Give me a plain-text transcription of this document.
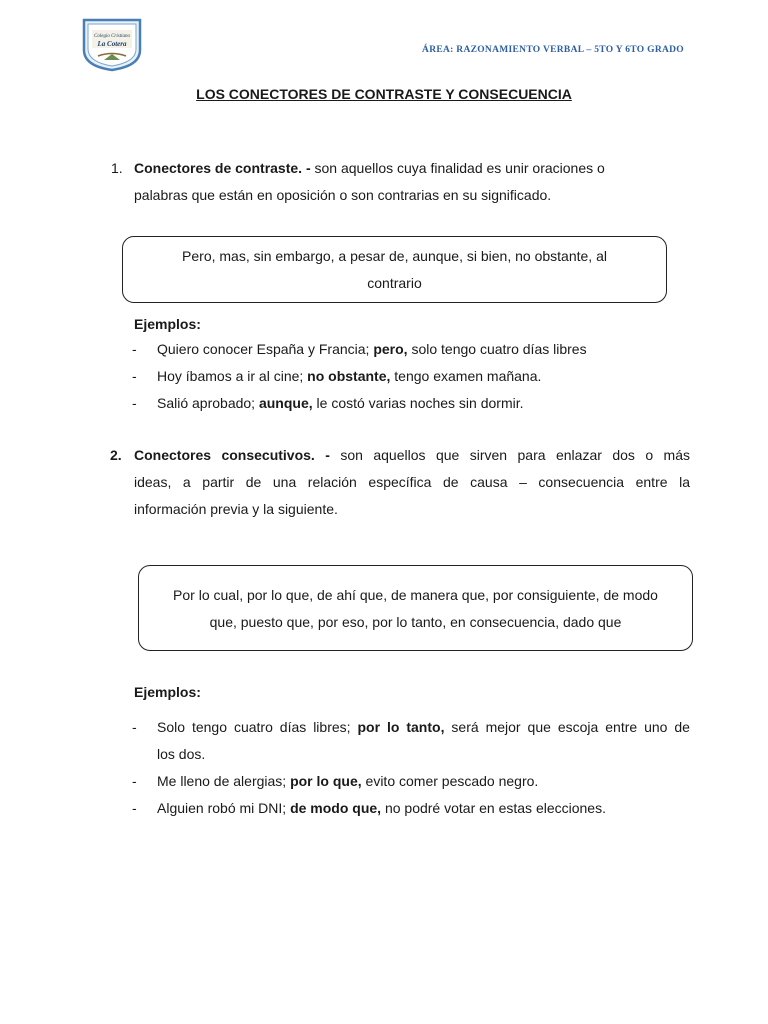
Colegio Cristiano
La Cotera
ÁREA: RAZONAMIENTO VERBAL – 5TO Y 6TO GRADO
LOS CONECTORES DE CONTRASTE Y CONSECUENCIA
1. Conectores de contraste. - son aquellos cuya finalidad es unir oraciones o
palabras que están en oposición o son contrarias en su significado.
Pero, mas, sin embargo, a pesar de, aunque, si bien, no obstante, al
contrario
Ejemplos:
- Quiero conocer España y Francia; pero, solo tengo cuatro días libres
- Hoy íbamos a ir al cine; no obstante, tengo examen mañana.
- Salió aprobado; aunque, le costó varias noches sin dormir.
2. Conectores consecutivos. - son aquellos que sirven para enlazar dos o más
ideas, a partir de una relación específica de causa – consecuencia entre la
información previa y la siguiente.
Por lo cual, por lo que, de ahí que, de manera que, por consiguiente, de modo
que, puesto que, por eso, por lo tanto, en consecuencia, dado que
Ejemplos:
- Solo tengo cuatro días libres; por lo tanto, será mejor que escoja entre uno de
los dos.
- Me lleno de alergias; por lo que, evito comer pescado negro.
- Alguien robó mi DNI; de modo que, no podré votar en estas elecciones.
